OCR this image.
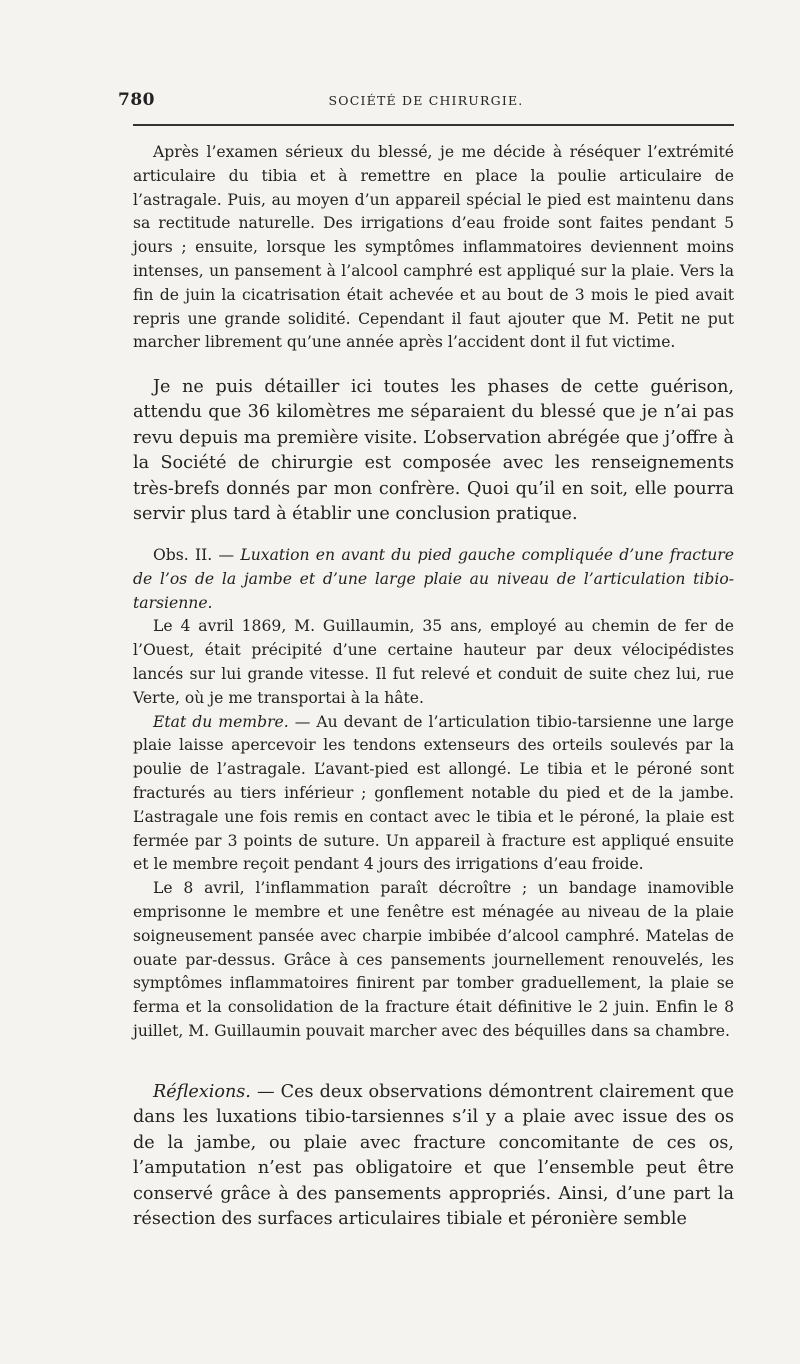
780	SOCIÉTÉ DE CHIRURGIE.

Après l’examen sérieux du blessé, je me décide à réséquer l’extrémité articulaire du tibia et à remettre en place la poulie articulaire de l’astragale. Puis, au moyen d’un appareil spécial le pied est maintenu dans sa rectitude naturelle. Des irrigations d’eau froide sont faites pendant 5 jours ; ensuite, lorsque les symptômes inflammatoires deviennent moins intenses, un pansement à l’alcool camphré est appliqué sur la plaie. Vers la fin de juin la cicatrisation était achevée et au bout de 3 mois le pied avait repris une grande solidité. Cependant il faut ajouter que M. Petit ne put marcher librement qu’une année après l’accident dont il fut victime.

Je ne puis détailler ici toutes les phases de cette guérison, attendu que 36 kilomètres me séparaient du blessé que je n’ai pas revu depuis ma première visite. L’observation abrégée que j’offre à la Société de chirurgie est composée avec les renseignements très-brefs donnés par mon confrère. Quoi qu’il en soit, elle pourra servir plus tard à établir une conclusion pratique.

Obs. II. — Luxation en avant du pied gauche compliquée d’une fracture de l’os de la jambe et d’une large plaie au niveau de l’articulation tibio-tarsienne.

Le 4 avril 1869, M. Guillaumin, 35 ans, employé au chemin de fer de l’Ouest, était précipité d’une certaine hauteur par deux vélocipédistes lancés sur lui grande vitesse. Il fut relevé et conduit de suite chez lui, rue Verte, où je me transportai à la hâte.

Etat du membre. — Au devant de l’articulation tibio-tarsienne une large plaie laisse apercevoir les tendons extenseurs des orteils soulevés par la poulie de l’astragale. L’avant-pied est allongé. Le tibia et le péroné sont fracturés au tiers inférieur ; gonflement notable du pied et de la jambe. L’astragale une fois remis en contact avec le tibia et le péroné, la plaie est fermée par 3 points de suture. Un appareil à fracture est appliqué ensuite et le membre reçoit pendant 4 jours des irrigations d’eau froide.

Le 8 avril, l’inflammation paraît décroître ; un bandage inamovible emprisonne le membre et une fenêtre est ménagée au niveau de la plaie soigneusement pansée avec charpie imbibée d’alcool camphré. Matelas de ouate par-dessus. Grâce à ces pansements journellement renouvelés, les symptômes inflammatoires finirent par tomber graduellement, la plaie se ferma et la consolidation de la fracture était définitive le 2 juin. Enfin le 8 juillet, M. Guillaumin pouvait marcher avec des béquilles dans sa chambre.

Réflexions. — Ces deux observations démontrent clairement que dans les luxations tibio-tarsiennes s’il y a plaie avec issue des os de la jambe, ou plaie avec fracture concomitante de ces os, l’amputation n’est pas obligatoire et que l’ensemble peut être conservé grâce à des pansements appropriés. Ainsi, d’une part la résection des surfaces articulaires tibiale et péronière semble
